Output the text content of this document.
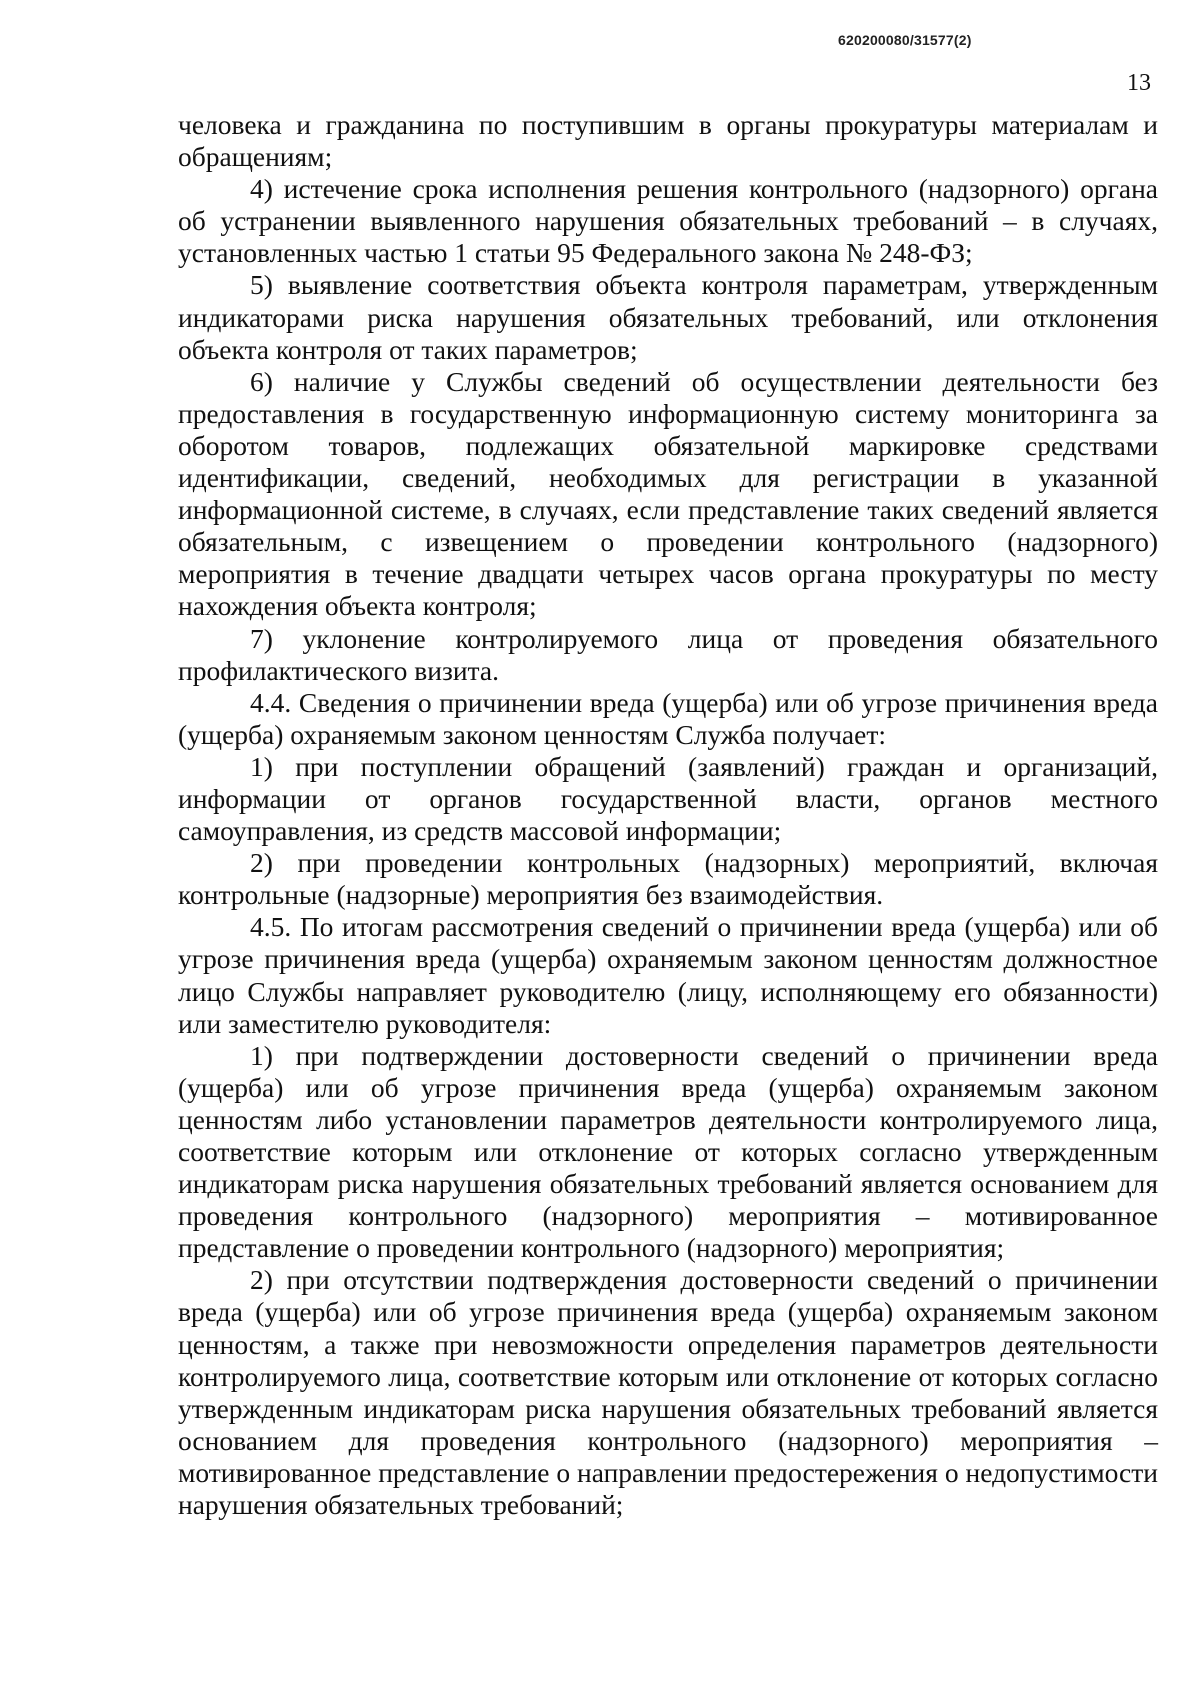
620200080/31577(2)
13

человека и гражданина по поступившим в органы прокуратуры материалам и обращениям;

4) истечение срока исполнения решения контрольного (надзорного) органа об устранении выявленного нарушения обязательных требований – в случаях, установленных частью 1 статьи 95 Федерального закона № 248-ФЗ;

5) выявление соответствия объекта контроля параметрам, утвержденным индикаторами риска нарушения обязательных требований, или отклонения объекта контроля от таких параметров;

6) наличие у Службы сведений об осуществлении деятельности без предоставления в государственную информационную систему мониторинга за оборотом товаров, подлежащих обязательной маркировке средствами идентификации, сведений, необходимых для регистрации в указанной информационной системе, в случаях, если представление таких сведений является обязательным, с извещением о проведении контрольного (надзорного) мероприятия в течение двадцати четырех часов органа прокуратуры по месту нахождения объекта контроля;

7) уклонение контролируемого лица от проведения обязательного профилактического визита.

4.4. Сведения о причинении вреда (ущерба) или об угрозе причинения вреда (ущерба) охраняемым законом ценностям Служба получает:

1) при поступлении обращений (заявлений) граждан и организаций, информации от органов государственной власти, органов местного самоуправления, из средств массовой информации;

2) при проведении контрольных (надзорных) мероприятий, включая контрольные (надзорные) мероприятия без взаимодействия.

4.5. По итогам рассмотрения сведений о причинении вреда (ущерба) или об угрозе причинения вреда (ущерба) охраняемым законом ценностям должностное лицо Службы направляет руководителю (лицу, исполняющему его обязанности) или заместителю руководителя:

1) при подтверждении достоверности сведений о причинении вреда (ущерба) или об угрозе причинения вреда (ущерба) охраняемым законом ценностям либо установлении параметров деятельности контролируемого лица, соответствие которым или отклонение от которых согласно утвержденным индикаторам риска нарушения обязательных требований является основанием для проведения контрольного (надзорного) мероприятия – мотивированное представление о проведении контрольного (надзорного) мероприятия;

2) при отсутствии подтверждения достоверности сведений о причинении вреда (ущерба) или об угрозе причинения вреда (ущерба) охраняемым законом ценностям, а также при невозможности определения параметров деятельности контролируемого лица, соответствие которым или отклонение от которых согласно утвержденным индикаторам риска нарушения обязательных требований является основанием для проведения контрольного (надзорного) мероприятия – мотивированное представление о направлении предостережения о недопустимости нарушения обязательных требований;
